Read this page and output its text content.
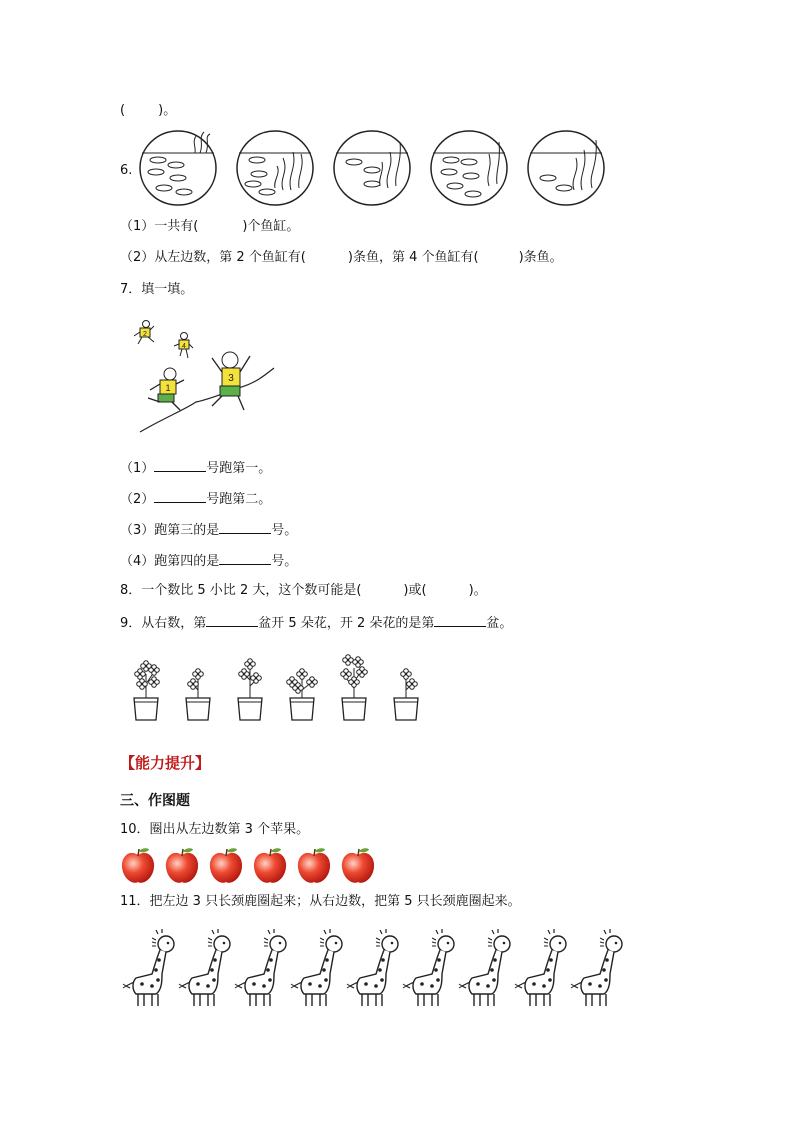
(        )。
6.
（1）一共有(	)个鱼缸。
（2）从左边数，第 2 个鱼缸有(	)条鱼，第 4 个鱼缸有(	)条鱼。
7．填一填。
2
4
1
3
（1）	号跑第一。
（2）	号跑第二。
（3）跑第三的是	号。
（4）跑第四的是	号。
8．一个数比 5 小比 2 大，这个数可能是(	)或(	)。
9．从右数，第	盆开 5 朵花，开 2 朵花的是第	盆。
【能力提升】
三、作图题
10．圈出从左边数第 3 个苹果。
11．把左边 3 只长颈鹿圈起来；从右边数，把第 5 只长颈鹿圈起来。
